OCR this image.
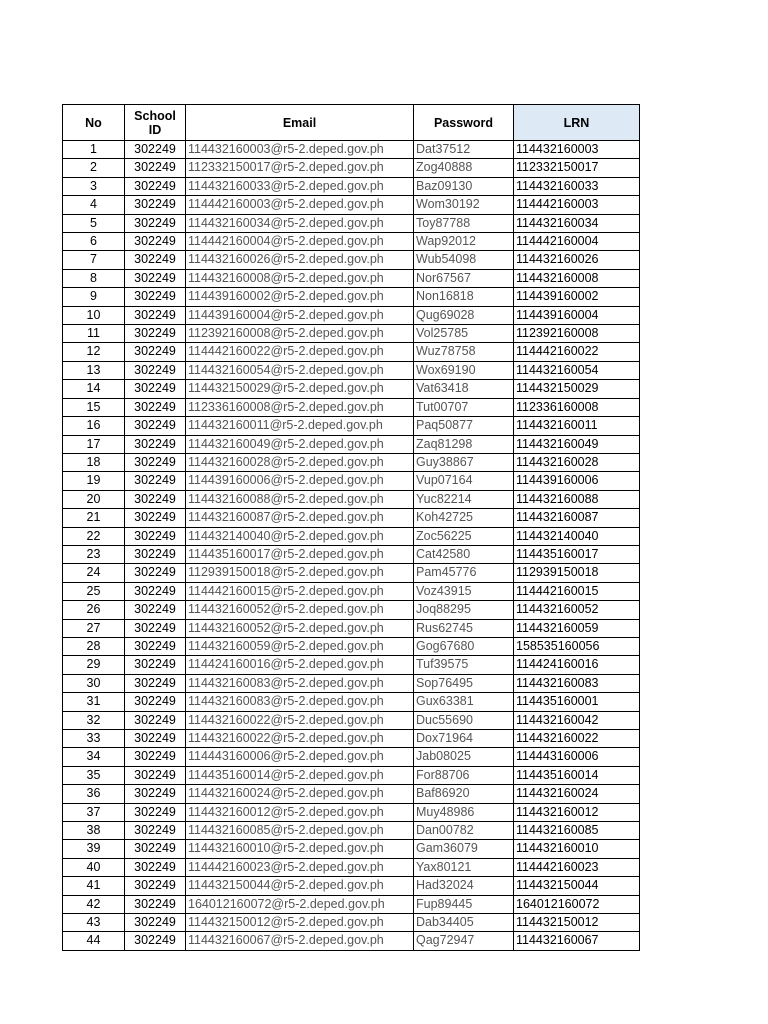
No	School ID	Email	Password	LRN
1	302249	114432160003@r5-2.deped.gov.ph	Dat37512	114432160003
2	302249	112332150017@r5-2.deped.gov.ph	Zog40888	112332150017
3	302249	114432160033@r5-2.deped.gov.ph	Baz09130	114432160033
4	302249	114442160003@r5-2.deped.gov.ph	Wom30192	114442160003
5	302249	114432160034@r5-2.deped.gov.ph	Toy87788	114432160034
6	302249	114442160004@r5-2.deped.gov.ph	Wap92012	114442160004
7	302249	114432160026@r5-2.deped.gov.ph	Wub54098	114432160026
8	302249	114432160008@r5-2.deped.gov.ph	Nor67567	114432160008
9	302249	114439160002@r5-2.deped.gov.ph	Non16818	114439160002
10	302249	114439160004@r5-2.deped.gov.ph	Qug69028	114439160004
11	302249	112392160008@r5-2.deped.gov.ph	Vol25785	112392160008
12	302249	114442160022@r5-2.deped.gov.ph	Wuz78758	114442160022
13	302249	114432160054@r5-2.deped.gov.ph	Wox69190	114432160054
14	302249	114432150029@r5-2.deped.gov.ph	Vat63418	114432150029
15	302249	112336160008@r5-2.deped.gov.ph	Tut00707	112336160008
16	302249	114432160011@r5-2.deped.gov.ph	Paq50877	114432160011
17	302249	114432160049@r5-2.deped.gov.ph	Zaq81298	114432160049
18	302249	114432160028@r5-2.deped.gov.ph	Guy38867	114432160028
19	302249	114439160006@r5-2.deped.gov.ph	Vup07164	114439160006
20	302249	114432160088@r5-2.deped.gov.ph	Yuc82214	114432160088
21	302249	114432160087@r5-2.deped.gov.ph	Koh42725	114432160087
22	302249	114432140040@r5-2.deped.gov.ph	Zoc56225	114432140040
23	302249	114435160017@r5-2.deped.gov.ph	Cat42580	114435160017
24	302249	112939150018@r5-2.deped.gov.ph	Pam45776	112939150018
25	302249	114442160015@r5-2.deped.gov.ph	Voz43915	114442160015
26	302249	114432160052@r5-2.deped.gov.ph	Joq88295	114432160052
27	302249	114432160052@r5-2.deped.gov.ph	Rus62745	114432160059
28	302249	114432160059@r5-2.deped.gov.ph	Gog67680	158535160056
29	302249	114424160016@r5-2.deped.gov.ph	Tuf39575	114424160016
30	302249	114432160083@r5-2.deped.gov.ph	Sop76495	114432160083
31	302249	114432160083@r5-2.deped.gov.ph	Gux63381	114435160001
32	302249	114432160022@r5-2.deped.gov.ph	Duc55690	114432160042
33	302249	114432160022@r5-2.deped.gov.ph	Dox71964	114432160022
34	302249	114443160006@r5-2.deped.gov.ph	Jab08025	114443160006
35	302249	114435160014@r5-2.deped.gov.ph	For88706	114435160014
36	302249	114432160024@r5-2.deped.gov.ph	Baf86920	114432160024
37	302249	114432160012@r5-2.deped.gov.ph	Muy48986	114432160012
38	302249	114432160085@r5-2.deped.gov.ph	Dan00782	114432160085
39	302249	114432160010@r5-2.deped.gov.ph	Gam36079	114432160010
40	302249	114442160023@r5-2.deped.gov.ph	Yax80121	114442160023
41	302249	114432150044@r5-2.deped.gov.ph	Had32024	114432150044
42	302249	164012160072@r5-2.deped.gov.ph	Fup89445	164012160072
43	302249	114432150012@r5-2.deped.gov.ph	Dab34405	114432150012
44	302249	114432160067@r5-2.deped.gov.ph	Qag72947	114432160067
